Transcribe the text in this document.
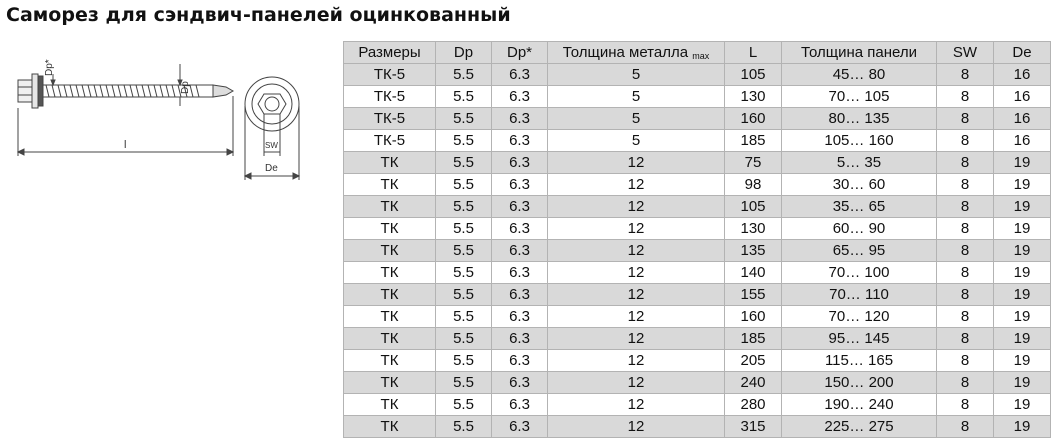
Саморез для сэндвич-панелей оцинкованный
Dp*
Dp
l	SW
De
Размеры	Dp	Dp*	Толщина металла $_{max}$	L	Толщина панели	SW	De
ТК-5	5.5	6.3	5	105	45… 80	8	16
ТК-5	5.5	6.3	5	130	70… 105	8	16
ТК-5	5.5	6.3	5	160	80… 135	8	16
ТК-5	5.5	6.3	5	185	105… 160	8	16
ТК	5.5	6.3	12	75	5… 35	8	19
ТК	5.5	6.3	12	98	30… 60	8	19
ТК	5.5	6.3	12	105	35… 65	8	19
ТК	5.5	6.3	12	130	60… 90	8	19
ТК	5.5	6.3	12	135	65… 95	8	19
ТК	5.5	6.3	12	140	70… 100	8	19
ТК	5.5	6.3	12	155	70… 110	8	19
ТК	5.5	6.3	12	160	70… 120	8	19
ТК	5.5	6.3	12	185	95… 145	8	19
ТК	5.5	6.3	12	205	115… 165	8	19
ТК	5.5	6.3	12	240	150… 200	8	19
ТК	5.5	6.3	12	280	190… 240	8	19
ТК	5.5	6.3	12	315	225… 275	8	19
